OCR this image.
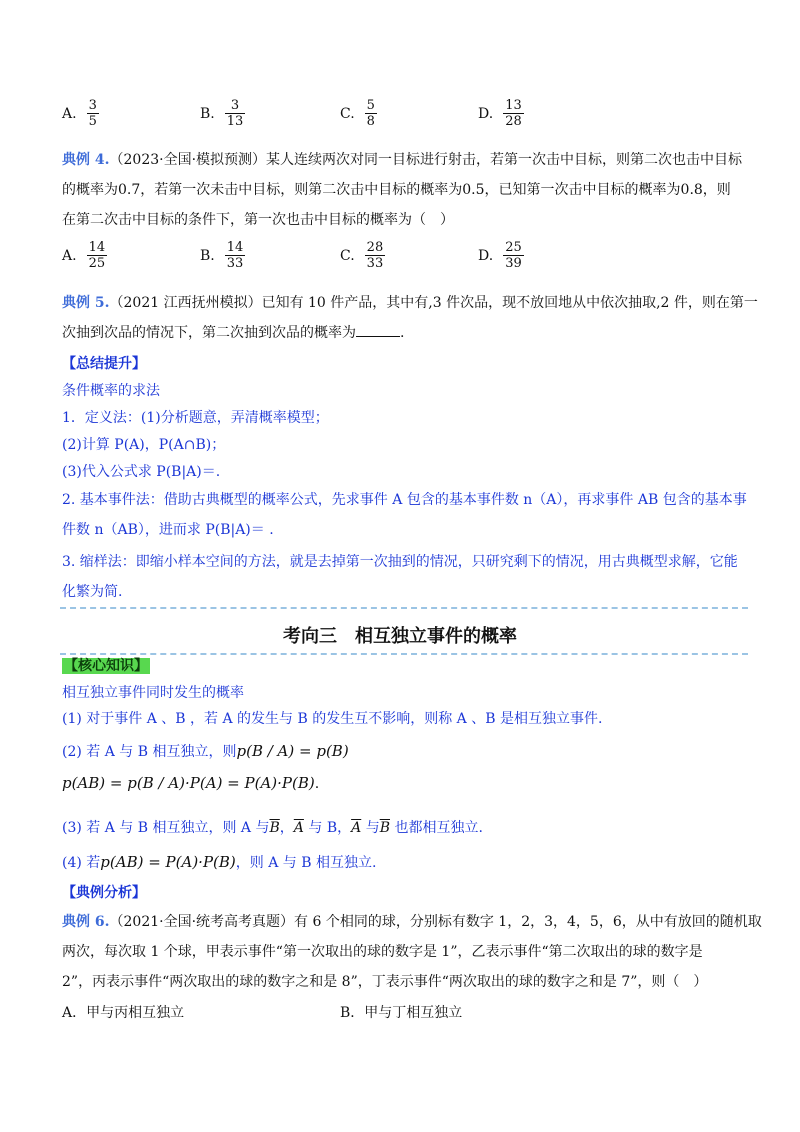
A. $\frac{3}{5}$	B. $\frac{3}{13}$	C. $\frac{5}{8}$	D. $\frac{13}{28}$
典例 4.（2023·全国·模拟预测）某人连续两次对同一目标进行射击，若第一次击中目标，则第二次也击中目标
的概率为0.7，若第一次未击中目标，则第二次击中目标的概率为0.5，已知第一次击中目标的概率为0.8，则
在第二次击中目标的条件下，第一次也击中目标的概率为（　）
A. $\frac{14}{25}$	B. $\frac{14}{33}$	C. $\frac{28}{33}$	D. $\frac{25}{39}$
典例 5.（2021 江西抚州模拟）已知有 10 件产品，其中有,3 件次品，现不放回地从中依次抽取,2 件，则在第一
次抽到次品的情况下，第二次抽到次品的概率为	.
【总结提升】
条件概率的求法
1．定义法：(1)分析题意，弄清概率模型；
(2)计算 P(A)，P(A∩B)；
(3)代入公式求 P(B|A)＝.
2. 基本事件法：借助古典概型的概率公式，先求事件 A 包含的基本事件数 n（A），再求事件 AB 包含的基本事
件数 n（AB），进而求 P(B|A)＝ .
3. 缩样法：即缩小样本空间的方法，就是去掉第一次抽到的情况，只研究剩下的情况，用古典概型求解，它能
化繁为简.
考向三　相互独立事件的概率
【核心知识】
相互独立事件同时发生的概率
(1) 对于事件 A 、B ，若 A 的发生与 B 的发生互不影响，则称 A 、B 是相互独立事件.
(2) 若 A 与 B 相互独立，则p(B / A) = p(B)
p(AB) = p(B / A)·P(A) = P(A)·P(B).
(3) 若 A 与 B 相互独立，则 A 与$\overline{B}$，$\overline{A}$ 与 B，$\overline{A}$ 与$\overline{B}$ 也都相互独立.
(4) 若p(AB) = P(A)·P(B)，则 A 与 B 相互独立.
【典例分析】
典例 6.（2021·全国·统考高考真题）有 6 个相同的球，分别标有数字 1，2，3，4，5，6，从中有放回的随机取
两次，每次取 1 个球，甲表示事件“第一次取出的球的数字是 1”，乙表示事件“第二次取出的球的数字是
2”，丙表示事件“两次取出的球的数字之和是 8”，丁表示事件“两次取出的球的数字之和是 7”，则（　）
A．甲与丙相互独立	B．甲与丁相互独立
